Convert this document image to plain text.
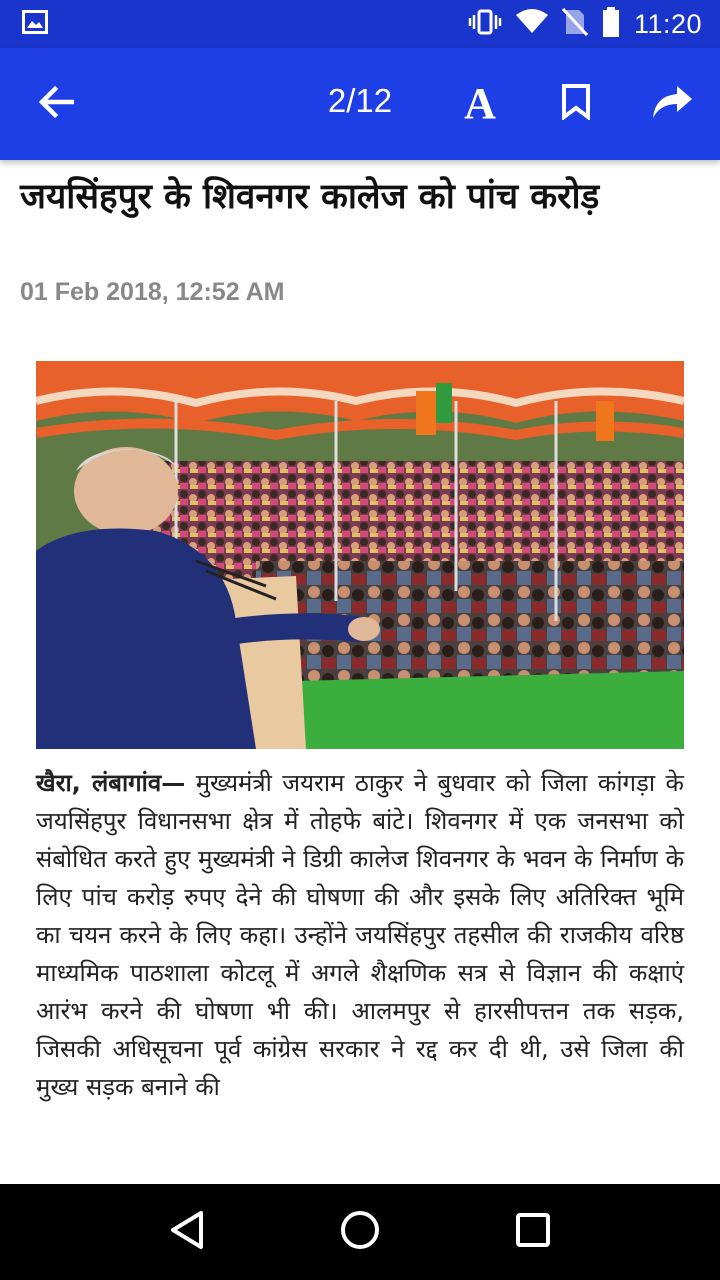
11:20
2/12	A
जयसिंहपुर के शिवनगर कालेज को पांच करोड़
01 Feb 2018, 12:52 AM

खैरा, लंबागांव— मुख्यमंत्री जयराम ठाकुर ने बुधवार को जिला कांगड़ा के जयसिंहपुर विधानसभा क्षेत्र में तोहफे बांटे। शिवनगर में एक जनसभा को संबोधित करते हुए मुख्यमंत्री ने डिग्री कालेज शिवनगर के भवन के निर्माण के लिए पांच करोड़ रुपए देने की घोषणा की और इसके लिए अतिरिक्त भूमि का चयन करने के लिए कहा। उन्होंने जयसिंहपुर तहसील की राजकीय वरिष्ठ माध्यमिक पाठशाला कोटलू में अगले शैक्षणिक सत्र से विज्ञान की कक्षाएं आरंभ करने की घोषणा भी की। आलमपुर से हारसीपत्तन तक सड़क, जिसकी अधिसूचना पूर्व कांग्रेस सरकार ने रद्द कर दी थी, उसे जिला की मुख्य सड़क बनाने की
